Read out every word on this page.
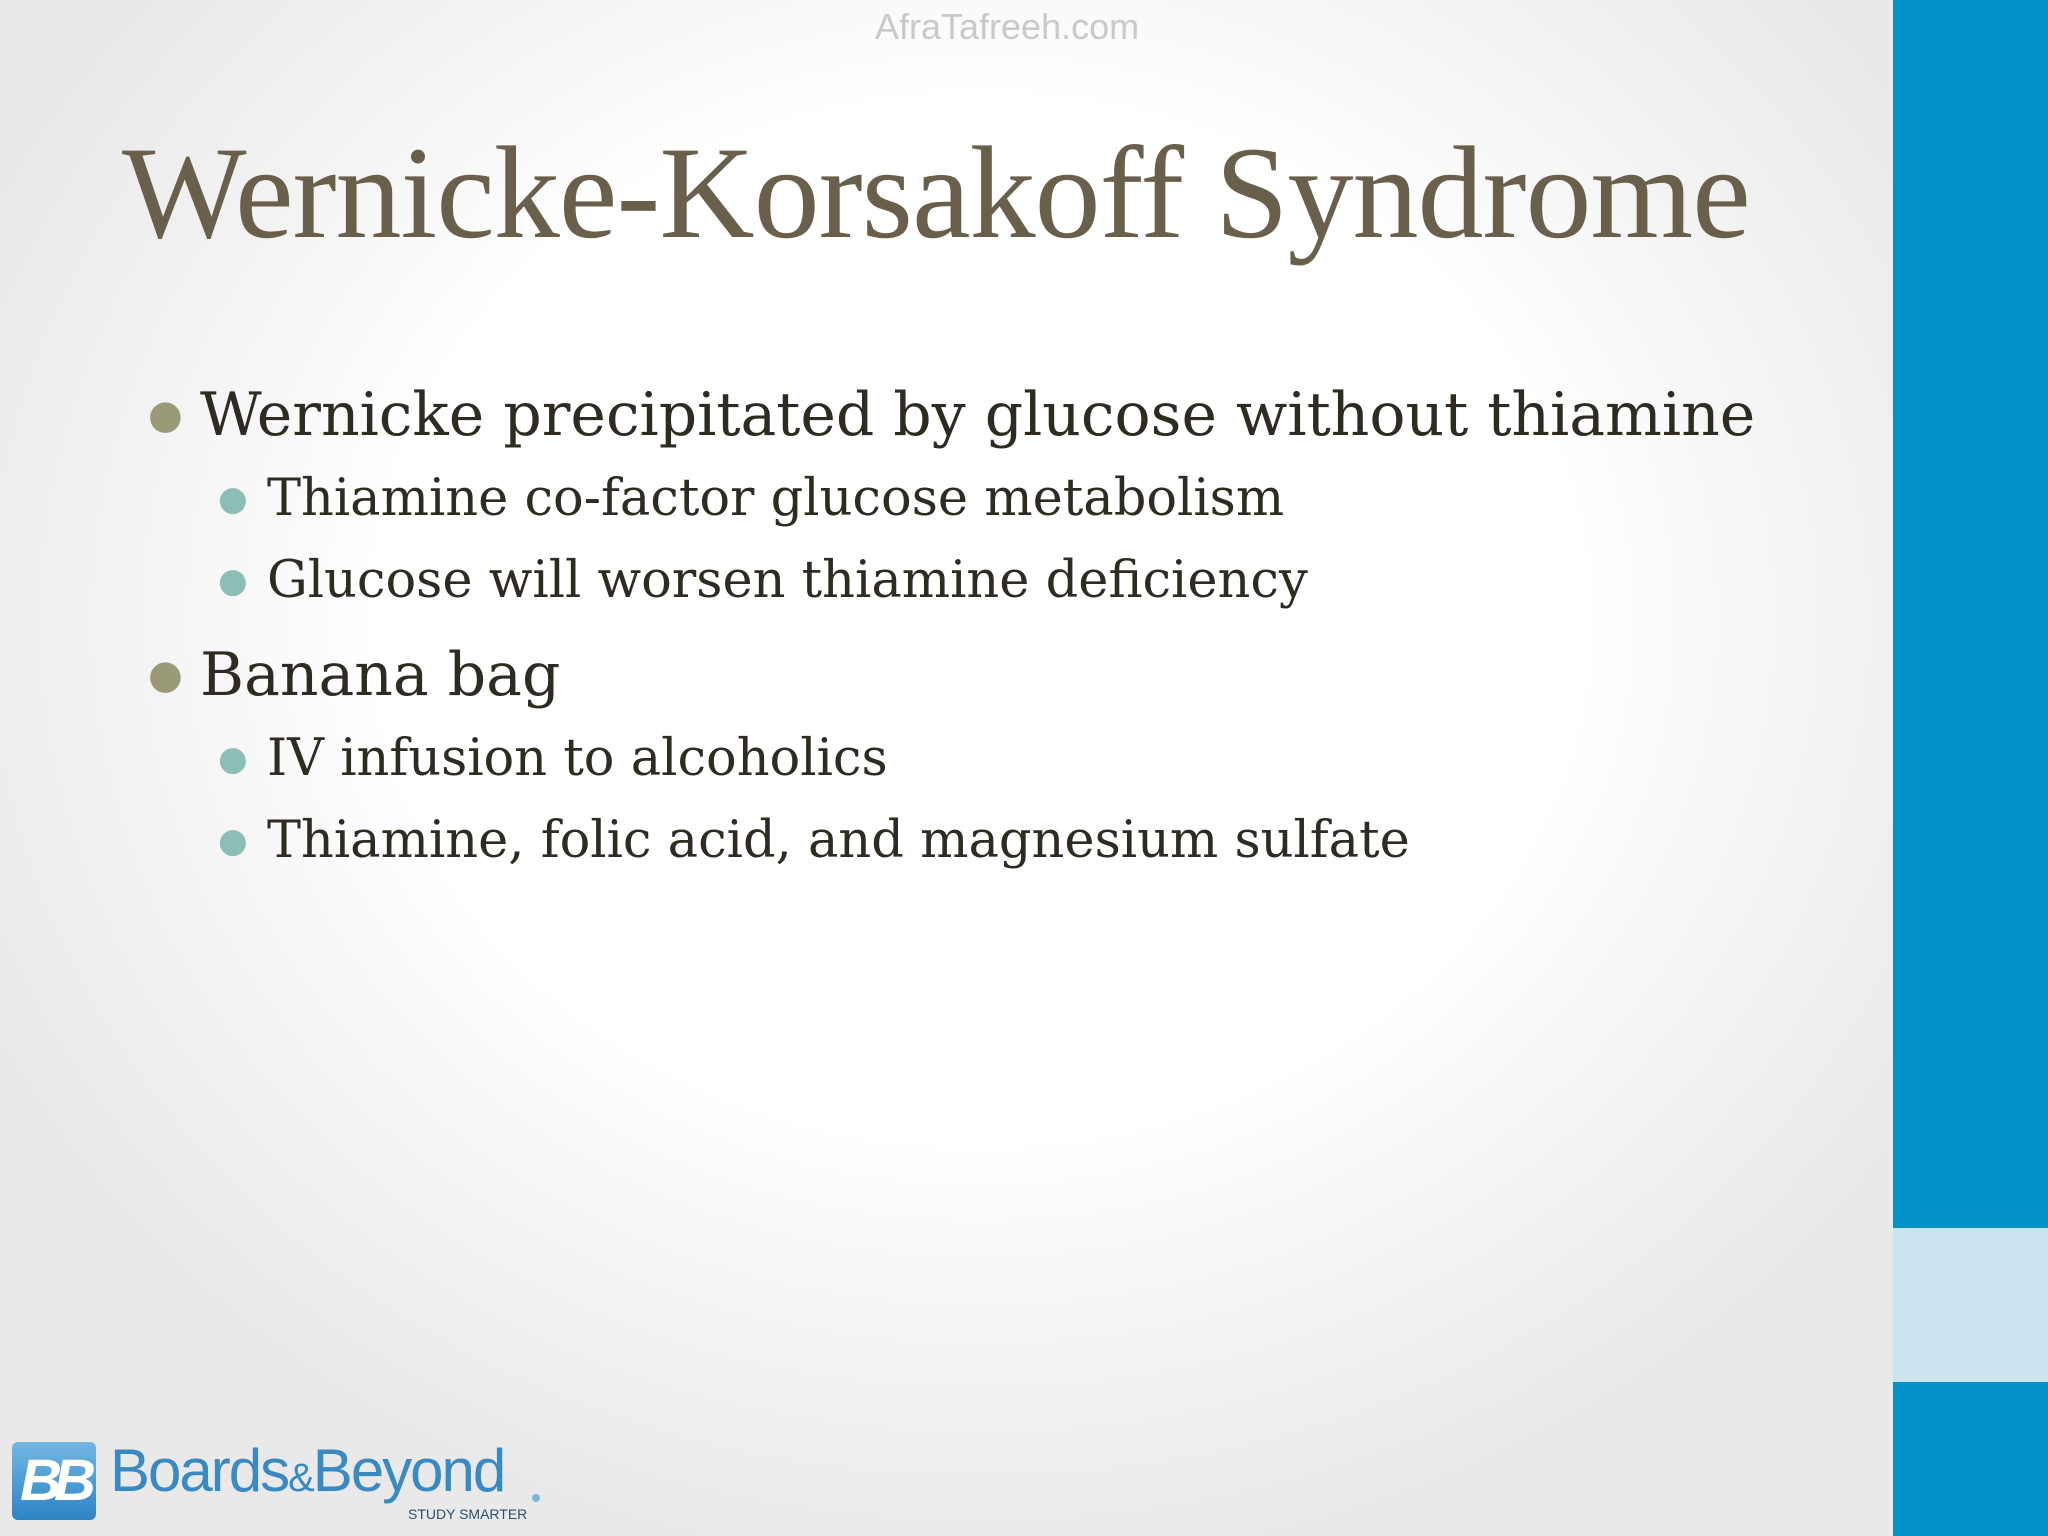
AfraTafreeh.com
Wernicke-Korsakoff Syndrome
● Wernicke precipitated by glucose without thiamine
● Thiamine co-factor glucose metabolism
● Glucose will worsen thiamine deficiency
● Banana bag
● IV infusion to alcoholics
● Thiamine, folic acid, and magnesium sulfate
BB Boards&Beyond
STUDY SMARTER
